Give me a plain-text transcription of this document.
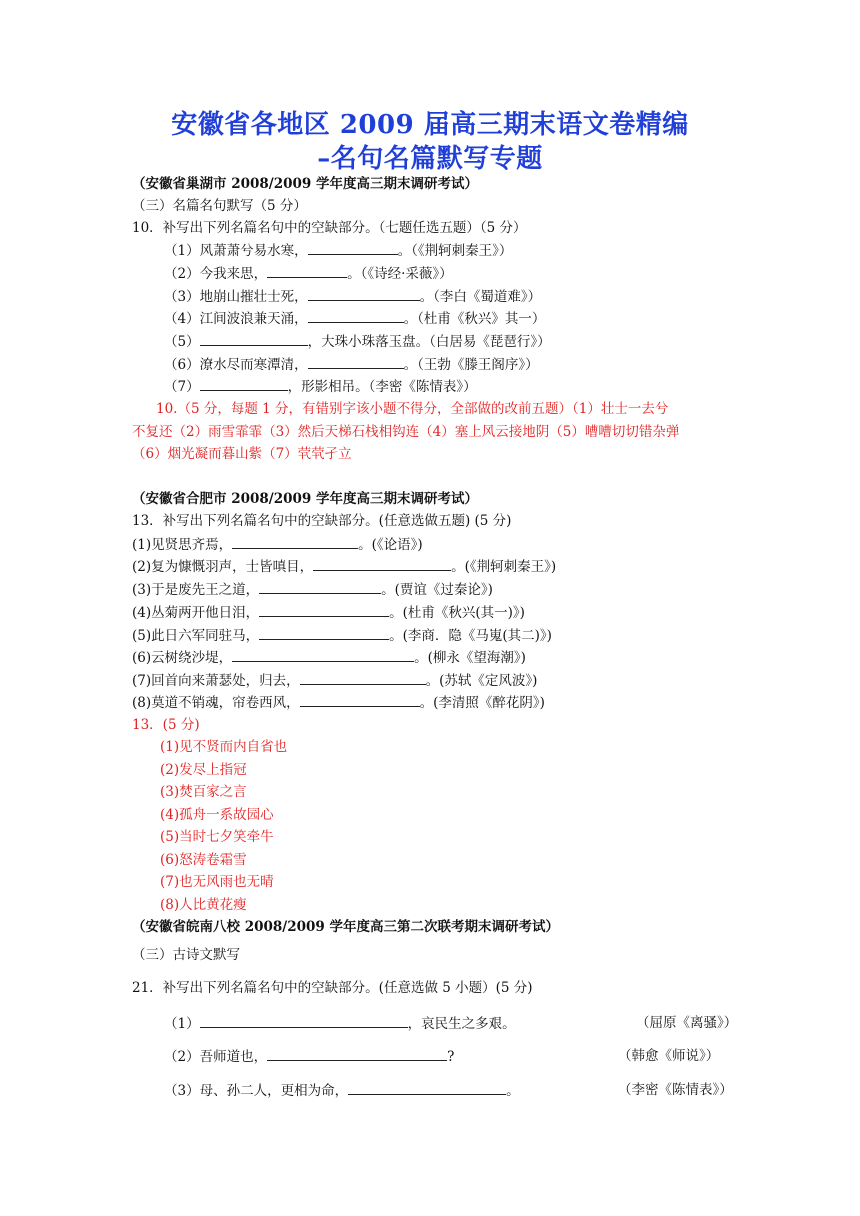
安徽省各地区 2009 届高三期末语文卷精编
–名句名篇默写专题
（安徽省巢湖市 2008/2009 学年度高三期末调研考试）
（三）名篇名句默写（5 分）
10．补写出下列名篇名句中的空缺部分。（七题任选五题）（5 分）
（1）风萧萧兮易水寒，	。（《荆轲刺秦王》）
（2）今我来思，	。（《诗经·采薇》）
（3）地崩山摧壮士死，	。（李白《蜀道难》）
（4）江间波浪兼天涌，	。（杜甫《秋兴》其一）
（5）	，大珠小珠落玉盘。（白居易《琵琶行》）
（6）潦水尽而寒潭清，	。（王勃《滕王阁序》）
（7）	，形影相吊。（李密《陈情表》）
10.（5 分，每题 1 分，有错别字该小题不得分，全部做的改前五题）（1）壮士一去兮
不复还（2）雨雪霏霏（3）然后天梯石栈相钩连（4）塞上风云接地阴（5）嘈嘈切切错杂弹
（6）烟光凝而暮山紫（7）茕茕孑立
（安徽省合肥市 2008/2009 学年度高三期末调研考试）
13．补写出下列名篇名句中的空缺部分。(任意选做五题) (5 分)
(1)见贤思齐焉，	。(《论语》)
(2)复为慷慨羽声，士皆嗔目，	。(《荆轲刺秦王》)
(3)于是废先王之道，	。(贾谊《过秦论》)
(4)丛菊两开他日泪，	。(杜甫《秋兴(其一)》)
(5)此日六军同驻马，	。(李商．隐《马嵬(其二)》)
(6)云树绕沙堤，	。(柳永《望海潮》)
(7)回首向来萧瑟处，归去，	。(苏轼《定风波》)
(8)莫道不销魂，帘卷西风，	。(李清照《醉花阴》)
13．(5 分)
(1)见不贤而内自省也
(2)发尽上指冠
(3)焚百家之言
(4)孤舟一系故园心
(5)当时七夕笑牵牛
(6)怒涛卷霜雪
(7)也无风雨也无晴
(8)人比黄花瘦
（安徽省皖南八校 2008/2009 学年度高三第二次联考期末调研考试）
（三）古诗文默写
21．补写出下列名篇名句中的空缺部分。(任意选做 5 小题）(5 分)
（1）	，哀民生之多艰。	（屈原《离骚》）
（2）吾师道也，	?	（韩愈《师说》）
（3）母、孙二人，更相为命，	。	（李密《陈情表》）
